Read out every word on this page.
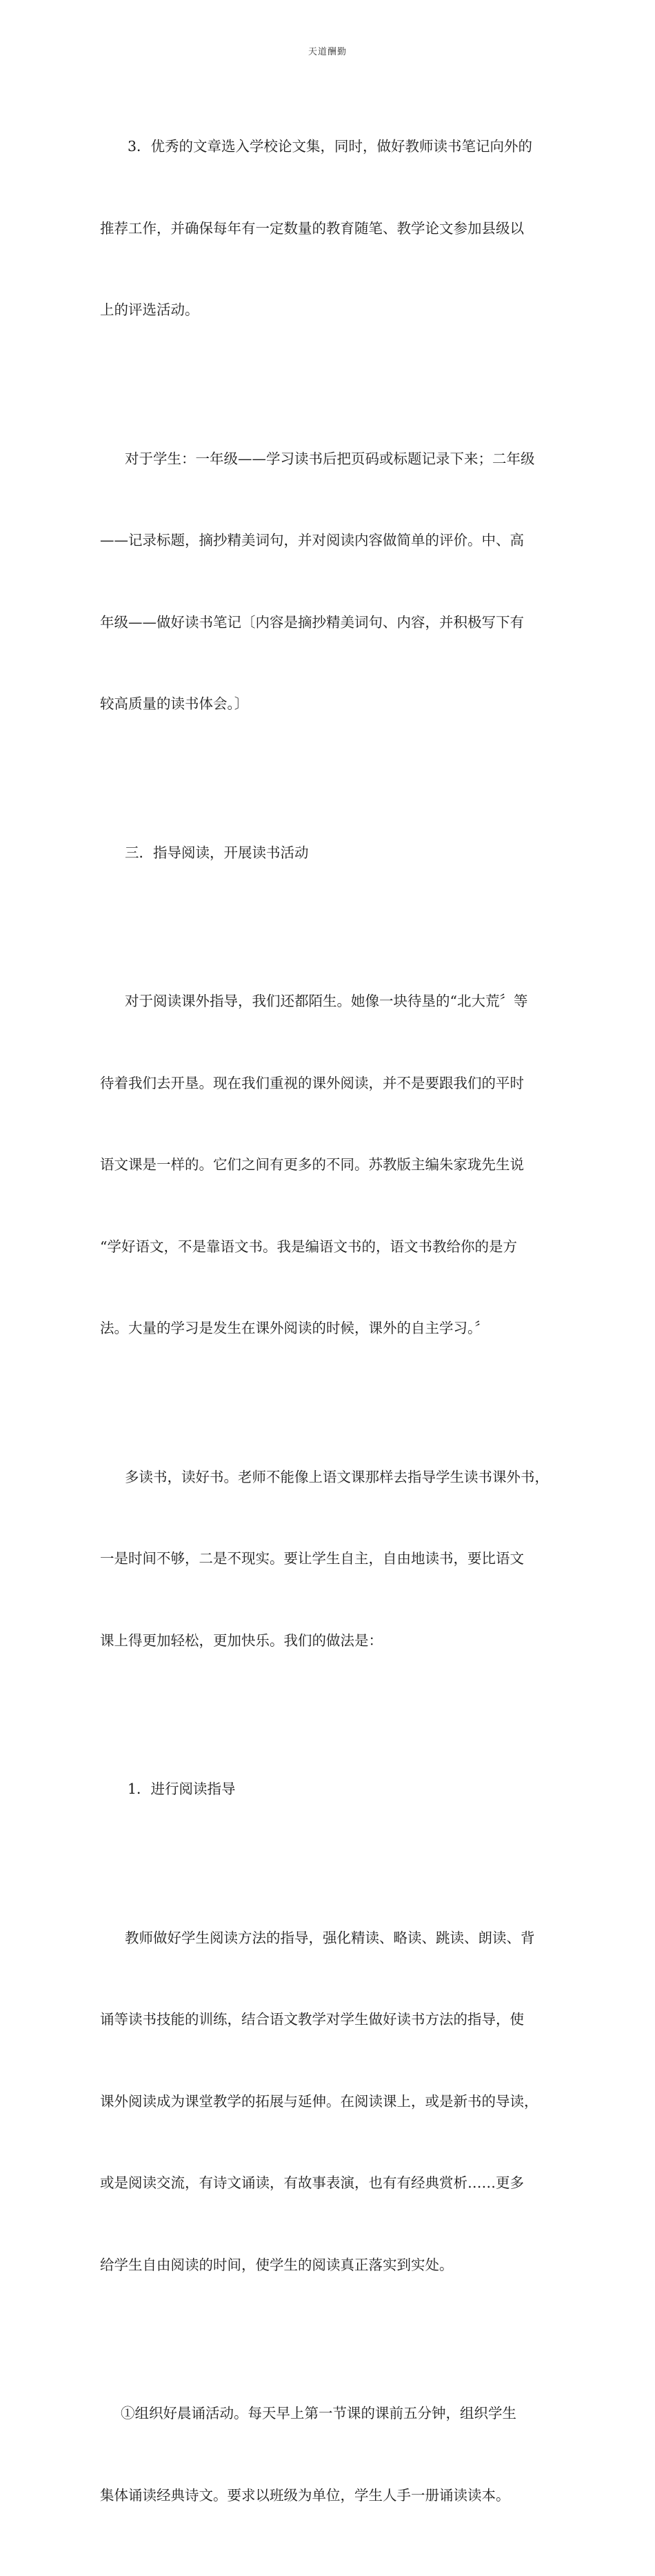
天道酬勤

3．优秀的文章选入学校论文集，同时，做好教师读书笔记向外的

推荐工作，并确保每年有一定数量的教育随笔、教学论文参加县级以

上的评选活动。

对于学生：一年级——学习读书后把页码或标题记录下来；二年级

——记录标题，摘抄精美词句，并对阅读内容做简单的评价。中、高

年级——做好读书笔记〔内容是摘抄精美词句、内容，并积极写下有

较高质量的读书体会。〕

三．指导阅读，开展读书活动

对于阅读课外指导，我们还都陌生。她像一块待垦的“北大荒〞等

待着我们去开垦。现在我们重视的课外阅读，并不是要跟我们的平时

语文课是一样的。它们之间有更多的不同。苏教版主编朱家珑先生说

“学好语文，不是靠语文书。我是编语文书的，语文书教给你的是方

法。大量的学习是发生在课外阅读的时候，课外的自主学习。〞

多读书，读好书。老师不能像上语文课那样去指导学生读书课外书，

一是时间不够，二是不现实。要让学生自主，自由地读书，要比语文

课上得更加轻松，更加快乐。我们的做法是：

1．进行阅读指导

教师做好学生阅读方法的指导，强化精读、略读、跳读、朗读、背

诵等读书技能的训练，结合语文教学对学生做好读书方法的指导，使

课外阅读成为课堂教学的拓展与延伸。在阅读课上，或是新书的导读，

或是阅读交流，有诗文诵读，有故事表演，也有有经典赏析……更多

给学生自由阅读的时间，使学生的阅读真正落实到实处。

①组织好晨诵活动。每天早上第一节课的课前五分钟，组织学生

集体诵读经典诗文。要求以班级为单位，学生人手一册诵读读本。
